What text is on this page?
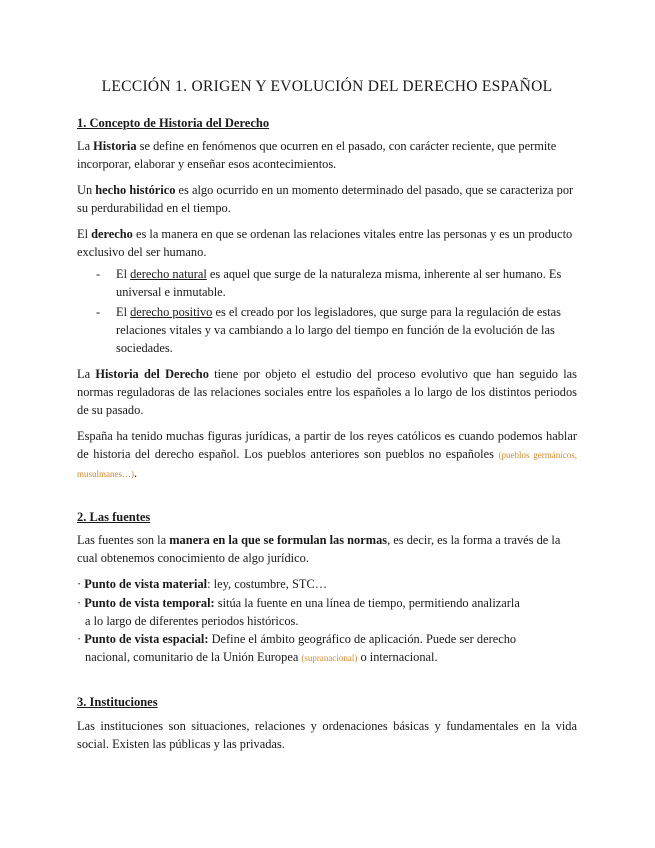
LECCIÓN 1. ORIGEN Y EVOLUCIÓN DEL DERECHO ESPAÑOL
1. Concepto de Historia del Derecho

La Historia se define en fenómenos que ocurren en el pasado, con carácter reciente, que permite incorporar, elaborar y enseñar esos acontecimientos.

Un hecho histórico es algo ocurrido en un momento determinado del pasado, que se caracteriza por su perdurabilidad en el tiempo.

El derecho es la manera en que se ordenan las relaciones vitales entre las personas y es un producto exclusivo del ser humano.

- El derecho natural es aquel que surge de la naturaleza misma, inherente al ser humano. Es universal e inmutable.
- El derecho positivo es el creado por los legisladores, que surge para la regulación de estas relaciones vitales y va cambiando a lo largo del tiempo en función de la evolución de las sociedades.

La Historia del Derecho tiene por objeto el estudio del proceso evolutivo que han seguido las normas reguladoras de las relaciones sociales entre los españoles a lo largo de los distintos periodos de su pasado.

España ha tenido muchas figuras jurídicas, a partir de los reyes católicos es cuando podemos hablar de historia del derecho español. Los pueblos anteriores son pueblos no españoles (pueblos germánicos, musulmanes…).

2. Las fuentes

Las fuentes son la manera en la que se formulan las normas, es decir, es la forma a través de la cual obtenemos conocimiento de algo jurídico.

· Punto de vista material: ley, costumbre, STC…
· Punto de vista temporal: sitúa la fuente en una línea de tiempo, permitiendo analizarla
a lo largo de diferentes periodos históricos.
· Punto de vista espacial: Define el ámbito geográfico de aplicación. Puede ser derecho
nacional, comunitario de la Unión Europea (supranacional) o internacional.
3. Instituciones

Las instituciones son situaciones, relaciones y ordenaciones básicas y fundamentales en la vida social. Existen las públicas y las privadas.
